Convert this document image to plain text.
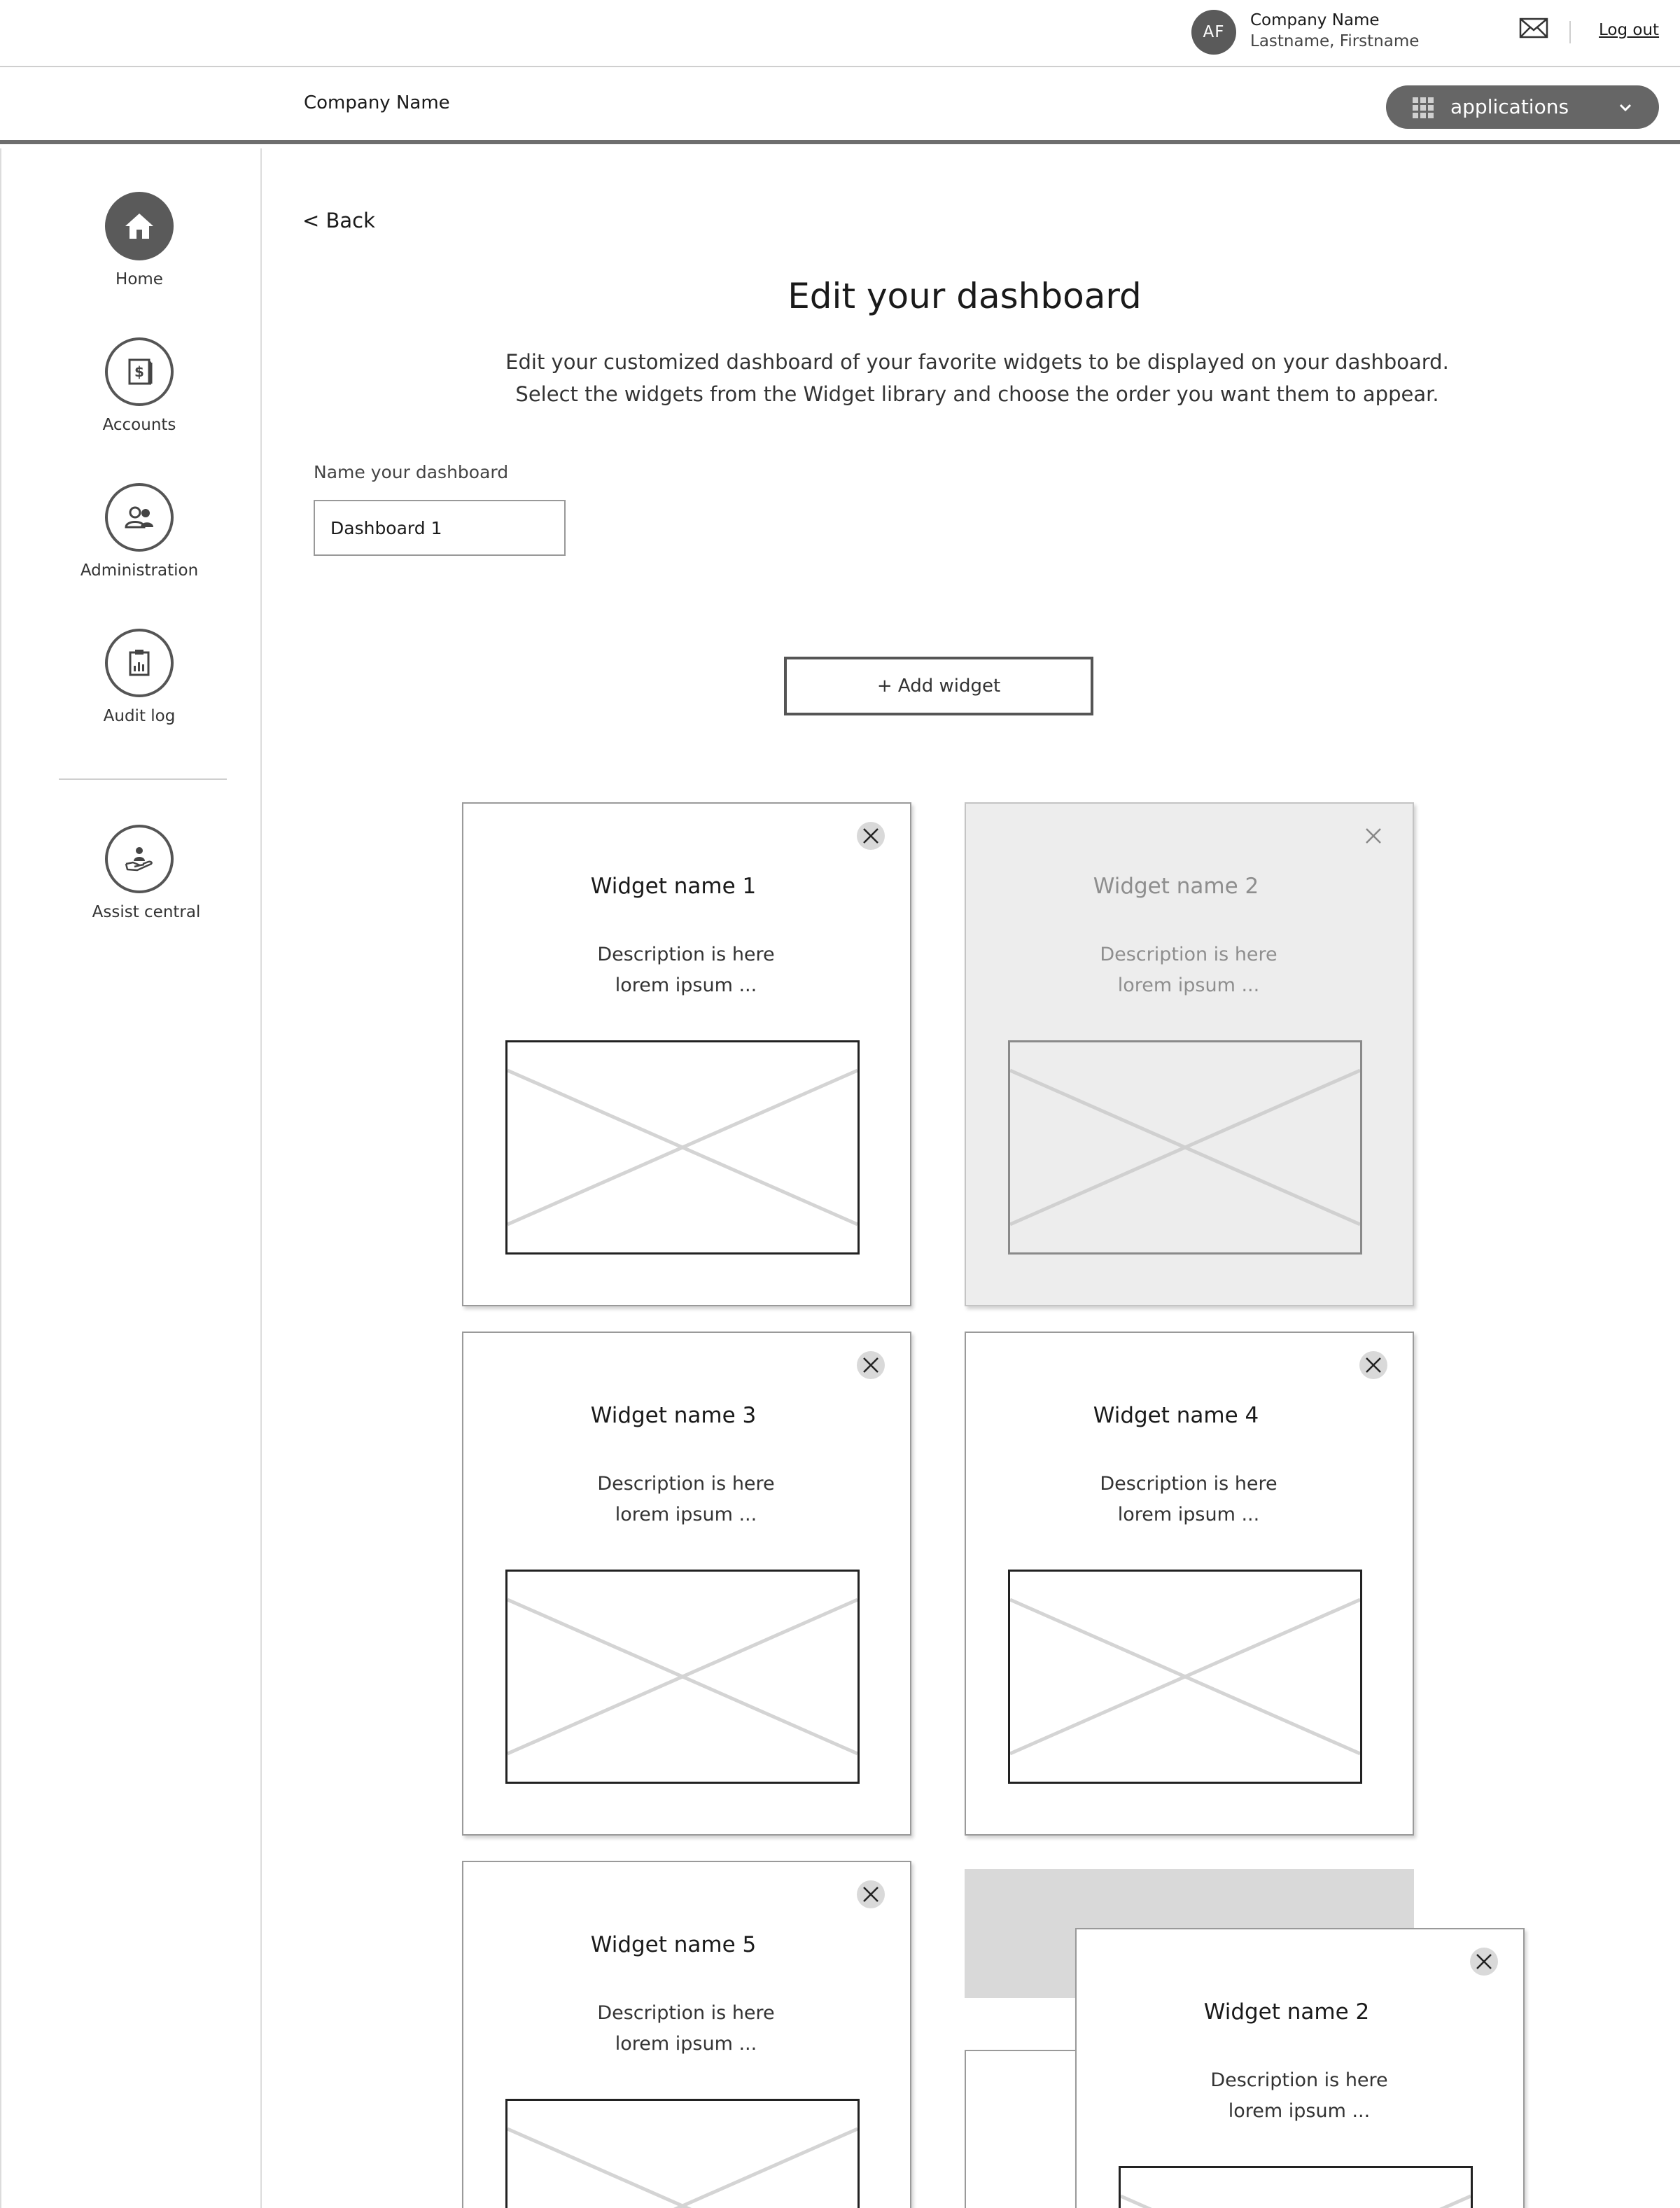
AF
Company Name
Lastname, Firstname
Log out
Company Name	applications
Home
$
Accounts
Administration
Audit log
Assist central
< Back
Edit your dashboard
Edit your customized dashboard of your favorite widgets to be displayed on your dashboard.
Select the widgets from the Widget library and choose the order you want them to appear.
Name your dashboard
Dashboard 1
+ Add widget
Widget name 1
Description is here
lorem ipsum ...
Widget name 2
Description is here
lorem ipsum ...
Widget name 3
Description is here
lorem ipsum ...
Widget name 4
Description is here
lorem ipsum ...
Widget name 5
Description is here
lorem ipsum ...
Widget name 2
Description is here
lorem ipsum ...
